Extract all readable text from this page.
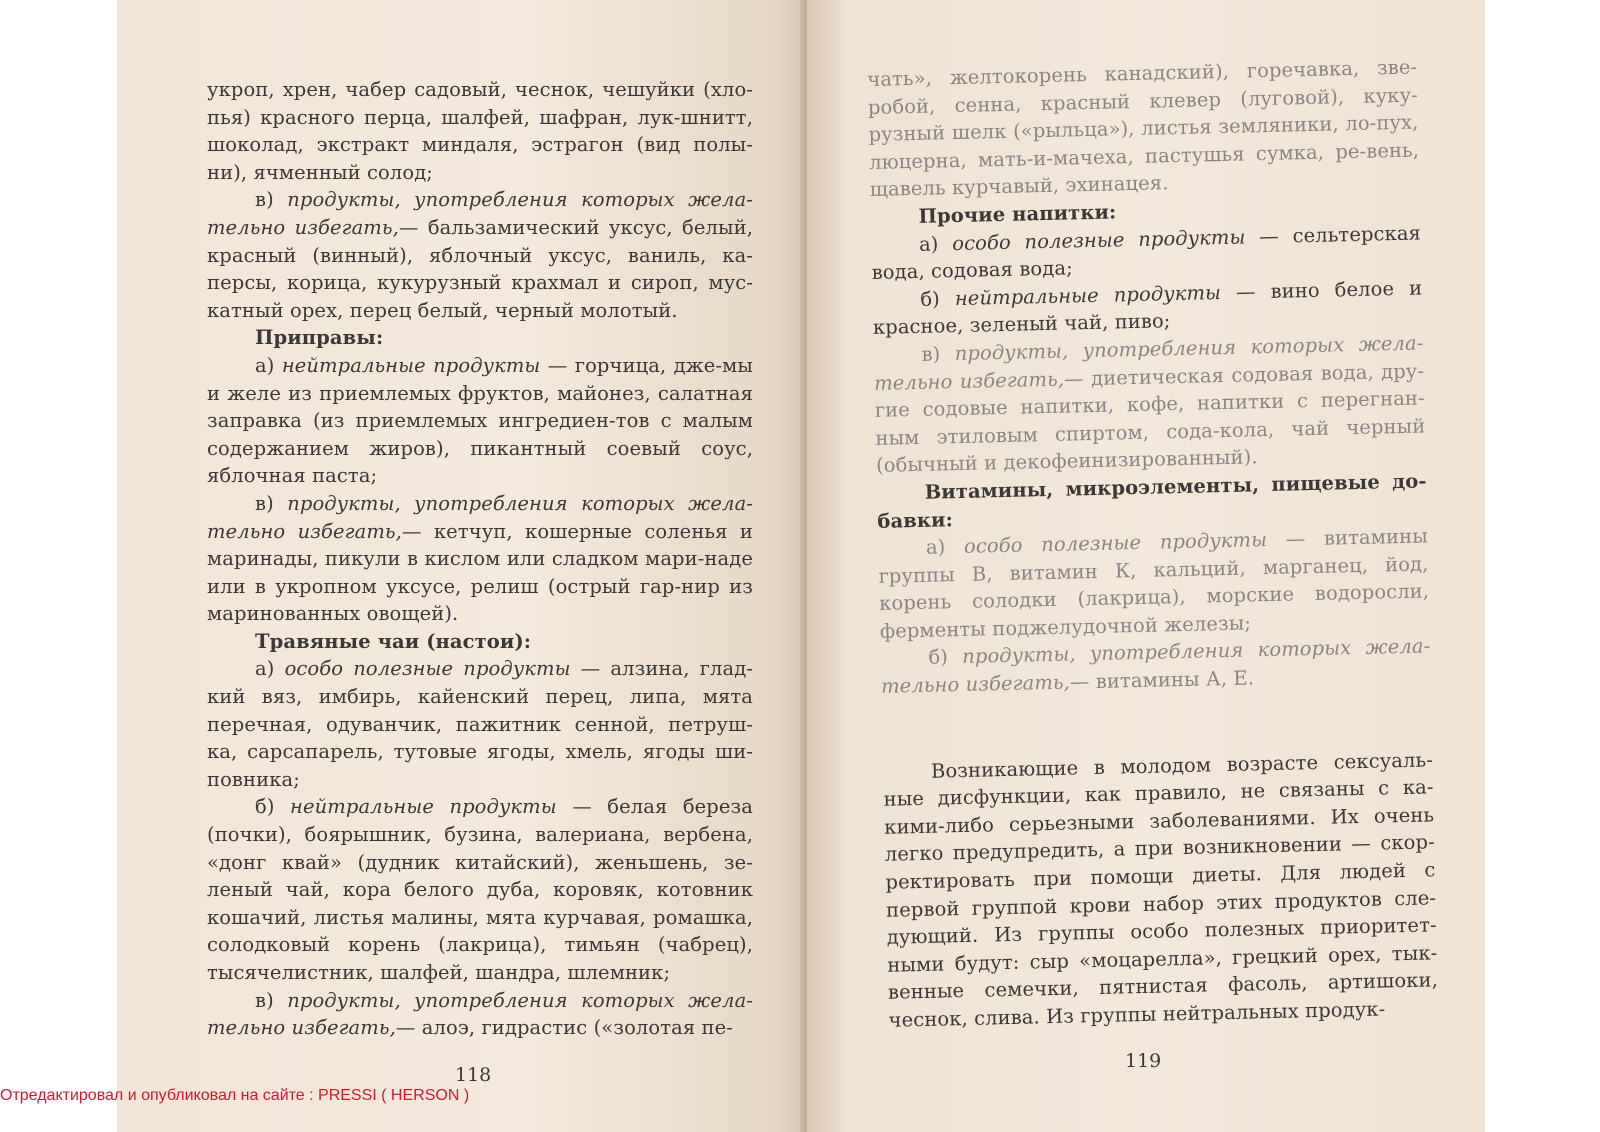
укроп, хрен, чабер садовый, чеснок, чешуйки (хло- пья) красного перца, шалфей, шафран, лук-шнитт, шоколад, экстракт миндаля, эстрагон (вид полы- ни), ячменный солод;

в) продукты, употребления которых жела-тельно избегать,— бальзамический уксус, белый, красный (винный), яблочный уксус, ваниль, ка-персы, корица, кукурузный крахмал и сироп, мус-катный орех, перец белый, черный молотый.

Приправы:

а) нейтральные продукты — горчица, дже-мы и желе из приемлемых фруктов, майонез, салатная заправка (из приемлемых ингредиен-тов с малым содержанием жиров), пикантный соевый соус, яблочная паста;

в) продукты, употребления которых жела-тельно избегать,— кетчуп, кошерные соленья и маринады, пикули в кислом или сладком мари-наде или в укропном уксусе, релиш (острый гар-нир из маринованных овощей).

Травяные чаи (настои):

а) особо полезные продукты — алзина, глад-кий вяз, имбирь, кайенский перец, липа, мята перечная, одуванчик, пажитник сенной, петруш-ка, сарсапарель, тутовые ягоды, хмель, ягоды ши-повника;

б) нейтральные продукты — белая береза (почки), боярышник, бузина, валериана, вербена, «донг квай» (дудник китайский), женьшень, зе-леный чай, кора белого дуба, коровяк, котовник кошачий, листья малины, мята курчавая, ромашка, солодковый корень (лакрица), тимьян (чабрец), тысячелистник, шалфей, шандра, шлемник;

в) продукты, употребления которых жела-тельно избегать,— алоэ, гидрастис («золотая пе-

118

чать», желтокорень канадский), горечавка, зве-робой, сенна, красный клевер (луговой), куку-рузный шелк («рыльца»), листья земляники, ло-пух, люцерна, мать-и-мачеха, пастушья сумка, ре-вень, щавель курчавый, эхинацея.

Прочие напитки:

а) особо полезные продукты — сельтерская вода, содовая вода;

б) нейтральные продукты — вино белое и красное, зеленый чай, пиво;

в) продукты, употребления которых жела-тельно избегать,— диетическая содовая вода, дру-гие содовые напитки, кофе, напитки с перегнан-ным этиловым спиртом, сода-кола, чай черный (обычный и декофеинизированный).

Витамины, микроэлементы, пищевые до-бавки:

а) особо полезные продукты — витамины группы В, витамин К, кальций, марганец, йод, корень солодки (лакрица), морские водоросли, ферменты поджелудочной железы;

б) продукты, употребления которых жела-тельно избегать,— витамины А, Е.

Возникающие в молодом возрасте сексуаль-ные дисфункции, как правило, не связаны с ка-кими-либо серьезными заболеваниями. Их очень легко предупредить, а при возникновении — скор-ректировать при помощи диеты. Для людей с первой группой крови набор этих продуктов сле-дующий. Из группы особо полезных приоритет-ными будут: сыр «моцарелла», грецкий орех, тык-венные семечки, пятнистая фасоль, артишоки, чеснок, слива. Из группы нейтральных продук-

119
Отредактировал и опубликовал на сайте : PRESSI ( HERSON )
